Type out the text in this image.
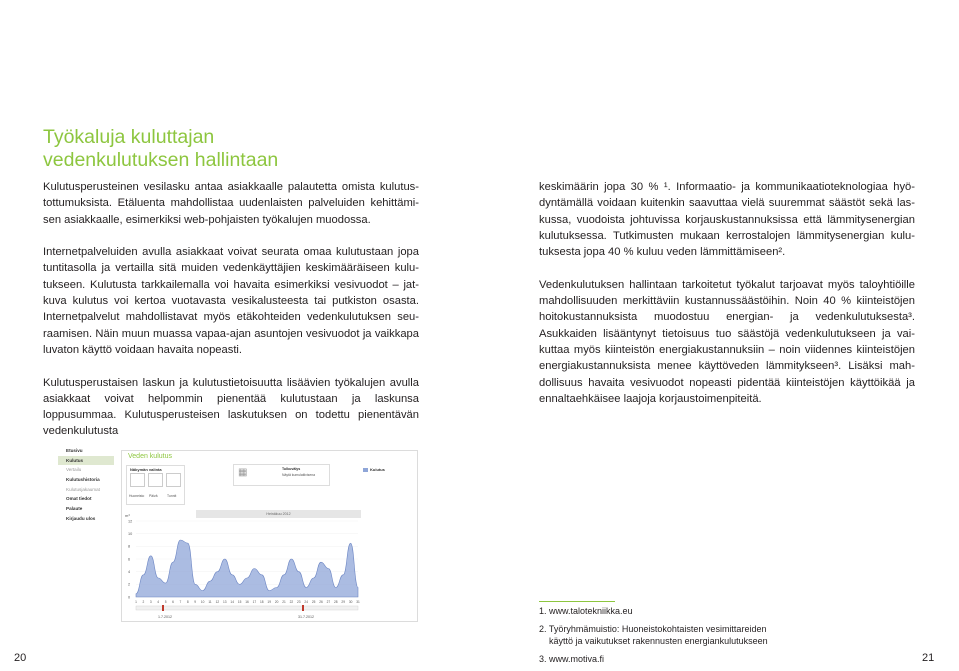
Työkaluja kuluttajan
vedenkulutuksen hallintaan

Kulutusperusteinen vesilasku antaa asiakkaalle palautetta omista kulutustottumuksista. Etäluenta mahdollistaa uudenlaisten palveluiden kehittämisen asiakkaalle, esimerkiksi web-pohjaisten työkalujen muodossa.

Internetpalveluiden avulla asiakkaat voivat seurata omaa kulutustaan jopa tuntitasolla ja vertailla sitä muiden vedenkäyttäjien keskimääräiseen kulutukseen. Kulutusta tarkkailemalla voi havaita esimerkiksi vesivuodot – jatkuva kulutus voi kertoa vuotavasta vesikalusteesta tai putkiston osasta. Internetpalvelut mahdollistavat myös etäkohteiden vedenkulutuksen seuraamisen. Näin muun muassa vapaa-ajan asuntojen vesivuodot ja vaikkapa luvaton käyttö voidaan havaita nopeasti.

Kulutusperustaisen laskun ja kulutustietoisuutta lisäävien työkalujen avulla asiakkaat voivat helpommin pienentää kulutustaan ja laskunsa loppusummaa. Kulutusperusteisen laskutuksen on todettu pienentävän vedenkulutusta

keskimäärin jopa 30 % ¹. Informaatio- ja kommunikaatioteknologiaa hyödyntämällä voidaan kuitenkin saavuttaa vielä suuremmat säästöt sekä laskussa, vuodoista johtuvissa korjauskustannuksissa että lämmitysenergian kulutuksessa. Tutkimusten mukaan kerrostalojen lämmitysenergian kulutuksesta jopa 40 % kuluu veden lämmittämiseen².

Vedenkulutuksen hallintaan tarkoitetut työkalut tarjoavat myös taloyhtiöille mahdollisuuden merkittäviin kustannussäästöihin. Noin 40 % kiinteistöjen hoitokustannuksista muodostuu energian- ja vedenkulutuksesta³. Asukkaiden lisääntynyt tietoisuus tuo säästöjä vedenkulutukseen ja vaikuttaa myös kiinteistön energiakustannuksiin – noin viidennes kiinteistöjen energiakustannuksista menee käyttöveden lämmitykseen³. Lisäksi mahdollisuus havaita vesivuodot nopeasti pidentää kiinteistöjen käyttöikää ja ennaltaehkäisee laajoja korjaustoimenpiteitä.

Etusivu
Kulutus
Vertailu
Kulutushistoria
Kulutusjakaumat
Omat tiedot
Palaute
Kirjaudu ulos
Veden kulutus
Näkymän valinta
Huoneisto Päivä	Tunnit
▦	Tulkuvälys
Näytä kumulatiivisena
Kulutus
Heinäkuu 2012
12
10
8
6
4
2
0
1 2 3 4 5 6 7 8 9 10 11 12 13 14 15 16 17 18 19 20 21 22 23 24 25 26 27 28 29 30 31
m³
1.7.2012	31.7.2012
1. www.talotekniikka.eu
2. Työryhmämuistio: Huoneistokohtaisten vesimittareiden
käyttö ja vaikutukset rakennusten energiankulutukseen
3. www.motiva.fi
20	21
